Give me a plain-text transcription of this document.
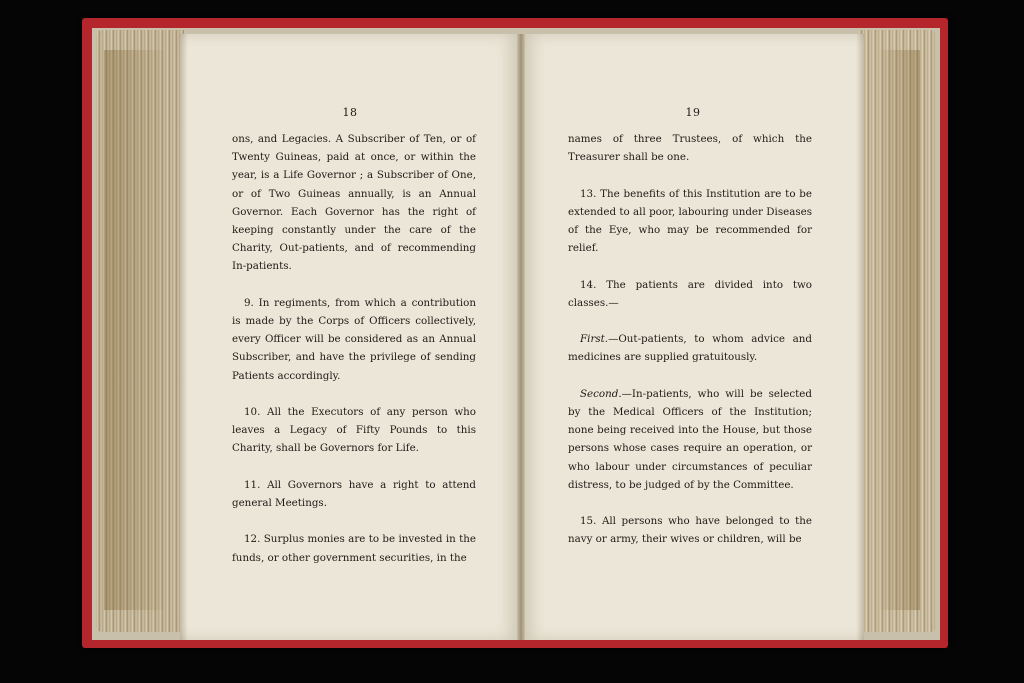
18

ons, and Legacies. A Subscriber of Ten, or of Twenty Guineas, paid at once, or within the year, is a Life Governor ; a Subscriber of One, or of Two Guineas annually, is an Annual Governor. Each Governor has the right of keeping constantly under the care of the Charity, Out-patients, and of recommending In-patients.

9. In regiments, from which a contribution is made by the Corps of Officers collectively, every Officer will be considered as an Annual Subscriber, and have the privilege of sending Patients accordingly.

10. All the Executors of any person who leaves a Legacy of Fifty Pounds to this Charity, shall be Governors for Life.

11. All Governors have a right to attend general Meetings.

12. Surplus monies are to be invested in the funds, or other government securities, in the

19

names of three Trustees, of which the Treasurer shall be one.

13. The benefits of this Institution are to be extended to all poor, labouring under Diseases of the Eye, who may be recommended for relief.

14. The patients are divided into two classes.—

First.—Out-patients, to whom advice and medicines are supplied gratuitously.

Second.—In-patients, who will be selected by the Medical Officers of the Institution; none being received into the House, but those persons whose cases require an operation, or who labour under circumstances of peculiar distress, to be judged of by the Committee.

15. All persons who have belonged to the navy or army, their wives or children, will be
